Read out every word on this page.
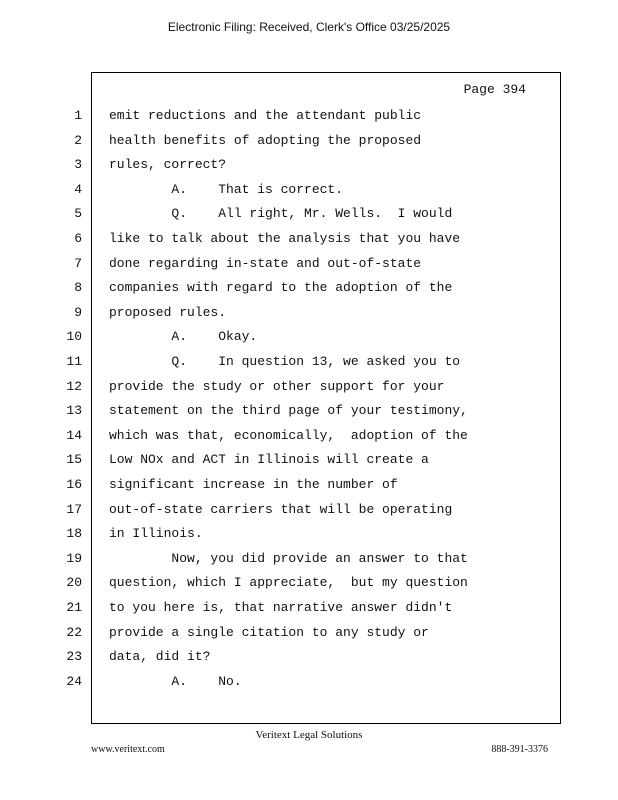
Electronic Filing: Received, Clerk's Office 03/25/2025
Page 394
1 emit reductions and the attendant public
2 health benefits of adopting the proposed
3 rules, correct?
4 A.    That is correct.
5 Q.    All right, Mr. Wells.  I would
6 like to talk about the analysis that you have
7 done regarding in-state and out-of-state
8 companies with regard to the adoption of the
9 proposed rules.
10 A.    Okay.
11 Q.    In question 13, we asked you to
12 provide the study or other support for your
13 statement on the third page of your testimony,
14 which was that, economically,  adoption of the
15 Low NOx and ACT in Illinois will create a
16 significant increase in the number of
17 out-of-state carriers that will be operating
18 in Illinois.
19 Now, you did provide an answer to that
20 question, which I appreciate,  but my question
21 to you here is, that narrative answer didn't
22 provide a single citation to any study or
23 data, did it?
24 A.    No.
Veritext Legal Solutions
www.veritext.com	888-391-3376
